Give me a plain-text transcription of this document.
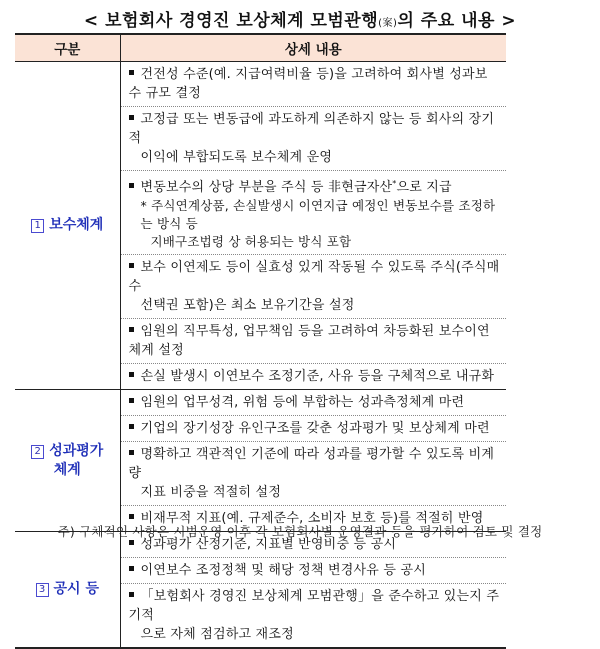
< 보험회사 경영진 보상체계 모범관행(案)의 주요 내용 >
구분	상세 내용
1 보수체계	건전성 수준(예. 지급여력비율 등)을 고려하여 회사별 성과보수 규모 결정
	고정급 또는 변동급에 과도하게 의존하지 않는 등 회사의 장기적
이익에 부합되도록 보수체계 운영

	변동보수의 상당 부분을 주식 등 非현금자산*으로 지급
* 주식연계상품, 손실발생시 이연지급 예정인 변동보수를 조정하는 방식 등
지배구조법령 상 허용되는 방식 포함

	보수 이연제도 등이 실효성 있게 작동될 수 있도록 주식(주식매수
선택권 포함)은 최소 보유기간을 설정

	임원의 직무특성, 업무책임 등을 고려하여 차등화된 보수이연체계 설정
	손실 발생시 이연보수 조정기준, 사유 등을 구체적으로 내규화
2 성과평가
체계	임원의 업무성격, 위험 등에 부합하는 성과측정체계 마련
	기업의 장기성장 유인구조를 갖춘 성과평가 및 보상체계 마련
	명확하고 객관적인 기준에 따라 성과를 평가할 수 있도록 비계량
지표 비중을 적절히 설정

	비재무적 지표(예. 규제준수, 소비자 보호 등)를 적절히 반영
3 공시 등	성과평가 산정기준, 지표별 반영비중 등 공시
	이연보수 조정정책 및 해당 정책 변경사유 등 공시
	「보험회사 경영진 보상체계 모범관행」을 준수하고 있는지 주기적
으로 자체 점검하고 재조정
주) 구체적인 사항은 시범운영 이후 각 보험회사별 운영결과 등을 평가하여 검토 및 결정
